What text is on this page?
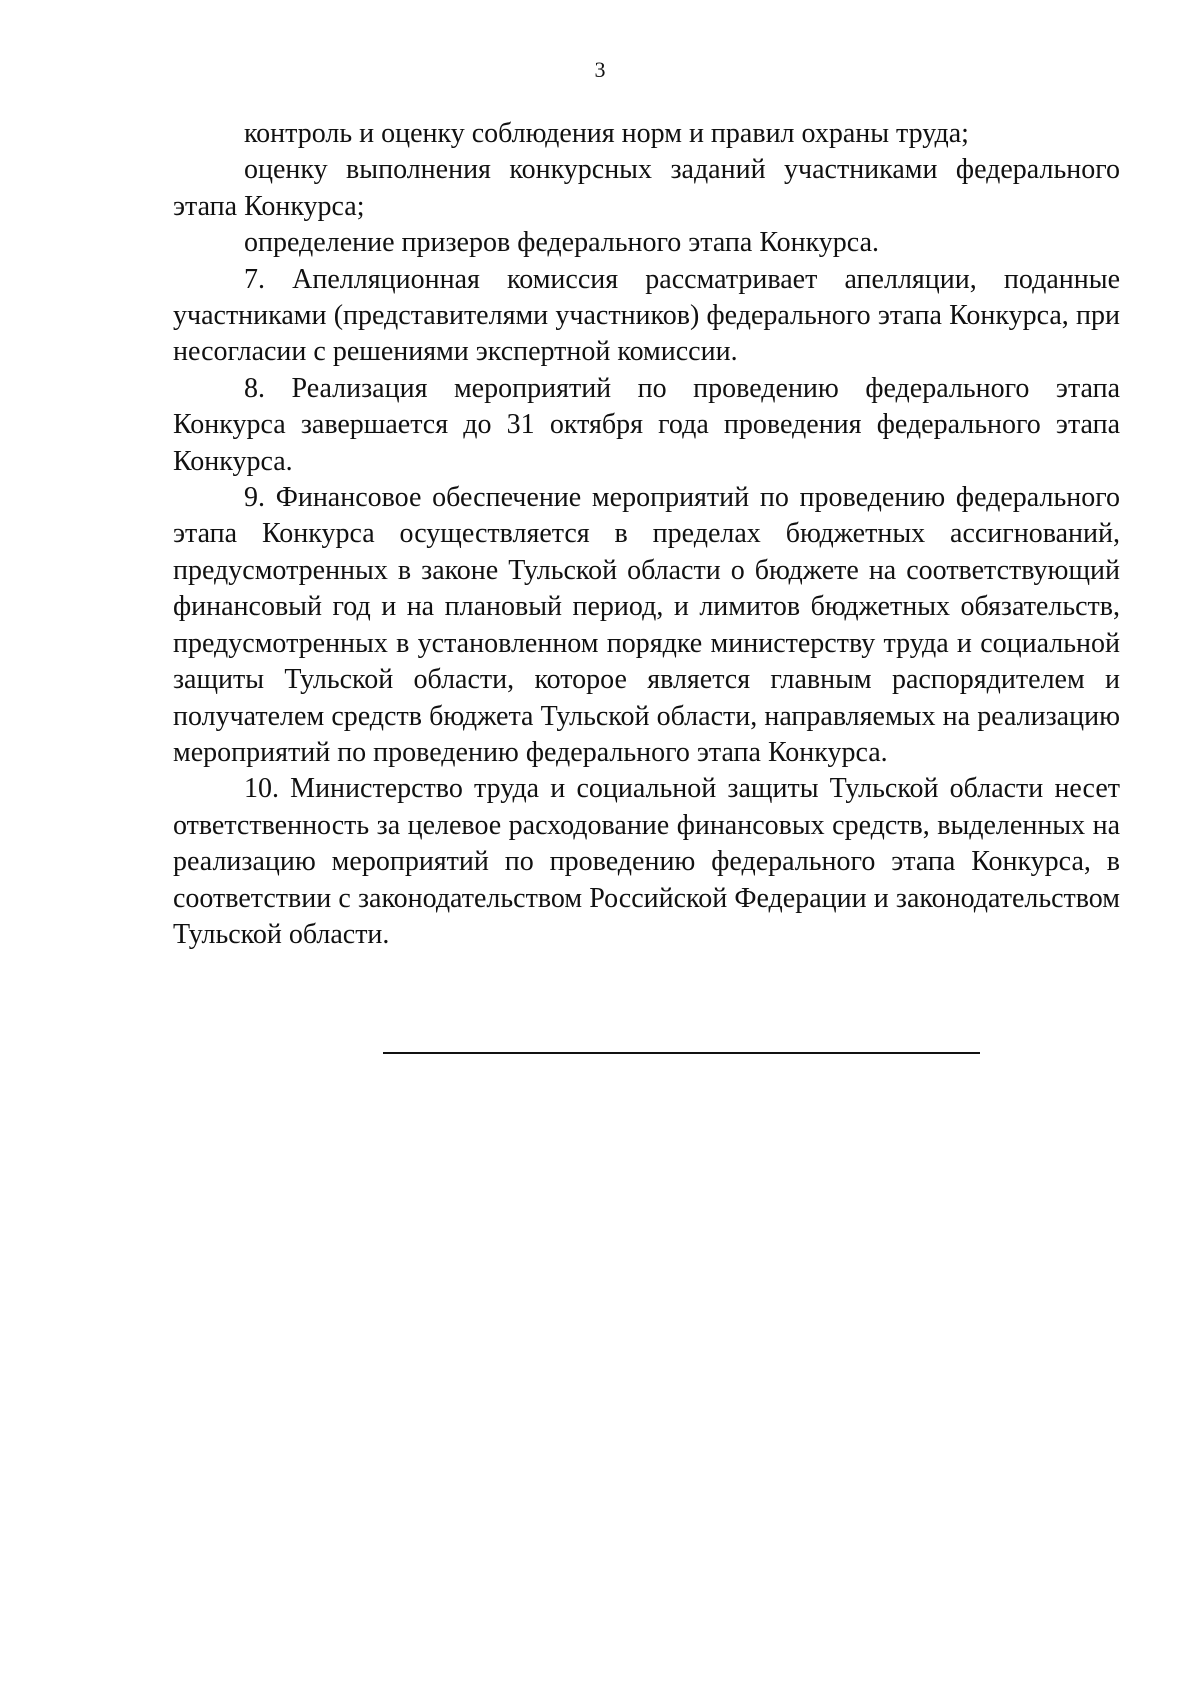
3

контроль и оценку соблюдения норм и правил охраны труда;

оценку выполнения конкурсных заданий участниками федерального этапа Конкурса;

определение призеров федерального этапа Конкурса.

7. Апелляционная комиссия рассматривает апелляции, поданные участниками (представителями участников) федерального этапа Конкурса, при несогласии с решениями экспертной комиссии.

8. Реализация мероприятий по проведению федерального этапа Конкурса завершается до 31 октября года проведения федерального этапа Конкурса.

9. Финансовое обеспечение мероприятий по проведению федерального этапа Конкурса осуществляется в пределах бюджетных ассигнований, предусмотренных в законе Тульской области о бюджете на соответствующий финансовый год и на плановый период, и лимитов бюджетных обязательств, предусмотренных в установленном порядке министерству труда и социальной защиты Тульской области, которое является главным распорядителем и получателем средств бюджета Тульской области, направляемых на реализацию мероприятий по проведению федерального этапа Конкурса.

10. Министерство труда и социальной защиты Тульской области несет ответственность за целевое расходование финансовых средств, выделенных на реализацию мероприятий по проведению федерального этапа Конкурса, в соответствии с законодательством Российской Федерации и законодательством Тульской области.
